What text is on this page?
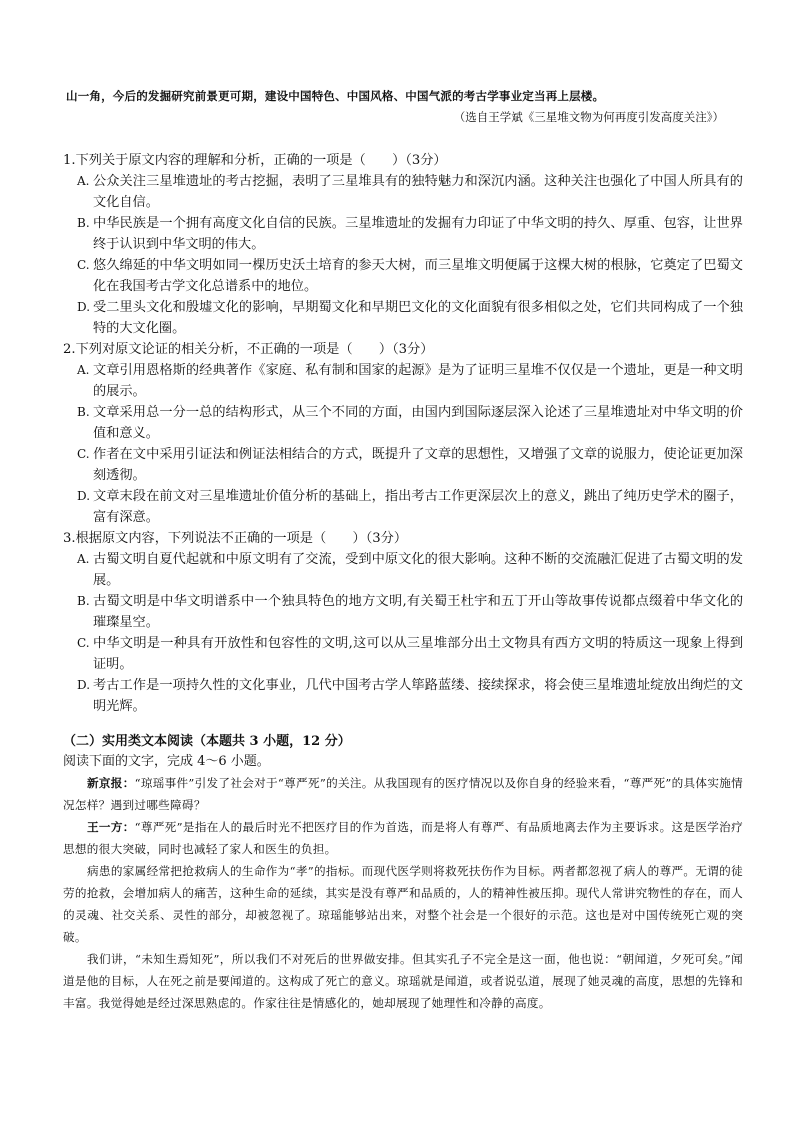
山一角，今后的发掘研究前景更可期，建设中国特色、中国风格、中国气派的考古学事业定当再上层楼。
（选自王学斌《三星堆文物为何再度引发高度关注》）
1.下列关于原文内容的理解和分析，正确的一项是（　　）（3分）
A. 公众关注三星堆遗址的考古挖掘，表明了三星堆具有的独特魅力和深沉内涵。这种关注也强化了中国人所具有的文化自信。
B. 中华民族是一个拥有高度文化自信的民族。三星堆遗址的发掘有力印证了中华文明的持久、厚重、包容，让世界终于认识到中华文明的伟大。
C. 悠久绵延的中华文明如同一棵历史沃土培育的参天大树，而三星堆文明便属于这棵大树的根脉，它奠定了巴蜀文化在我国考古学文化总谱系中的地位。
D. 受二里头文化和殷墟文化的影响，早期蜀文化和早期巴文化的文化面貌有很多相似之处，它们共同构成了一个独特的大文化圈。
2.下列对原文论证的相关分析，不正确的一项是（　　）（3分）
A. 文章引用恩格斯的经典著作《家庭、私有制和国家的起源》是为了证明三星堆不仅仅是一个遗址，更是一种文明的展示。
B. 文章采用总一分一总的结构形式，从三个不同的方面，由国内到国际逐层深入论述了三星堆遗址对中华文明的价值和意义。
C. 作者在文中采用引证法和例证法相结合的方式，既提升了文章的思想性，又增强了文章的说服力，使论证更加深刻透彻。
D. 文章末段在前文对三星堆遗址价值分析的基础上，指出考古工作更深层次上的意义，跳出了纯历史学术的圈子，富有深意。
3.根据原文内容，下列说法不正确的一项是（　　）（3分）
A. 古蜀文明自夏代起就和中原文明有了交流，受到中原文化的很大影响。这种不断的交流融汇促进了古蜀文明的发展。
B. 古蜀文明是中华文明谱系中一个独具特色的地方文明,有关蜀王杜宇和五丁开山等故事传说都点缀着中华文化的璀璨星空。
C. 中华文明是一种具有开放性和包容性的文明,这可以从三星堆部分出土文物具有西方文明的特质这一现象上得到证明。
D. 考古工作是一项持久性的文化事业，几代中国考古学人筚路蓝缕、接续探求，将会使三星堆遗址绽放出绚烂的文明光辉。
（二）实用类文本阅读（本题共 3 小题，12 分）
阅读下面的文字，完成 4～6 小题。

新京报：“琼瑶事件”引发了社会对于“尊严死”的关注。从我国现有的医疗情况以及你自身的经验来看，“尊严死”的具体实施情况怎样？遇到过哪些障碍？

王一方：“尊严死”是指在人的最后时光不把医疗目的作为首选，而是将人有尊严、有品质地离去作为主要诉求。这是医学治疗思想的很大突破，同时也减轻了家人和医生的负担。

病患的家属经常把抢救病人的生命作为“孝”的指标。而现代医学则将救死扶伤作为目标。两者都忽视了病人的尊严。无谓的徒劳的抢救，会增加病人的痛苦，这种生命的延续，其实是没有尊严和品质的，人的精神性被压抑。现代人常讲究物性的存在，而人的灵魂、社交关系、灵性的部分，却被忽视了。琼瑶能够站出来，对整个社会是一个很好的示范。这也是对中国传统死亡观的突破。

我们讲，“未知生焉知死”，所以我们不对死后的世界做安排。但其实孔子不完全是这一面，他也说：“朝闻道，夕死可矣。”闻道是他的目标，人在死之前是要闻道的。这构成了死亡的意义。琼瑶就是闻道，或者说弘道，展现了她灵魂的高度，思想的先锋和丰富。我觉得她是经过深思熟虑的。作家往往是情感化的，她却展现了她理性和冷静的高度。
